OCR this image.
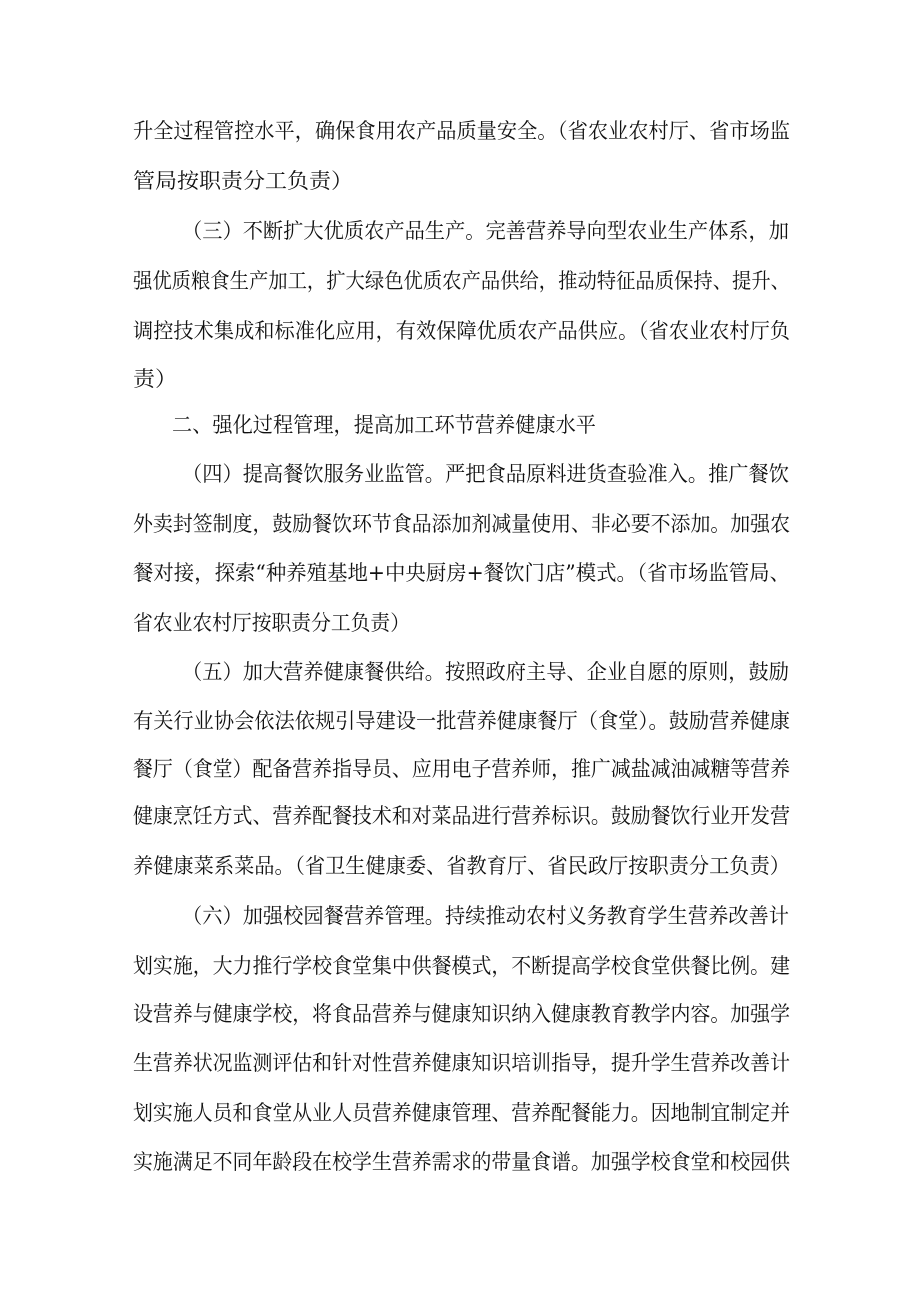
升全过程管控水平，确保食用农产品质量安全。（省农业农村厅、省市场监
管局按职责分工负责）
（三）不断扩大优质农产品生产。完善营养导向型农业生产体系，加
强优质粮食生产加工，扩大绿色优质农产品供给，推动特征品质保持、提升、
调控技术集成和标准化应用，有效保障优质农产品供应。（省农业农村厅负
责）
二、强化过程管理，提高加工环节营养健康水平
（四）提高餐饮服务业监管。严把食品原料进货查验准入。推广餐饮
外卖封签制度，鼓励餐饮环节食品添加剂减量使用、非必要不添加。加强农
餐对接，探索“种养殖基地+中央厨房+餐饮门店”模式。（省市场监管局、
省农业农村厅按职责分工负责）
（五）加大营养健康餐供给。按照政府主导、企业自愿的原则，鼓励
有关行业协会依法依规引导建设一批营养健康餐厅（食堂）。鼓励营养健康
餐厅（食堂）配备营养指导员、应用电子营养师，推广减盐减油减糖等营养
健康烹饪方式、营养配餐技术和对菜品进行营养标识。鼓励餐饮行业开发营
养健康菜系菜品。（省卫生健康委、省教育厅、省民政厅按职责分工负责）
（六）加强校园餐营养管理。持续推动农村义务教育学生营养改善计
划实施，大力推行学校食堂集中供餐模式，不断提高学校食堂供餐比例。建
设营养与健康学校，将食品营养与健康知识纳入健康教育教学内容。加强学
生营养状况监测评估和针对性营养健康知识培训指导，提升学生营养改善计
划实施人员和食堂从业人员营养健康管理、营养配餐能力。因地制宜制定并
实施满足不同年龄段在校学生营养需求的带量食谱。加强学校食堂和校园供
